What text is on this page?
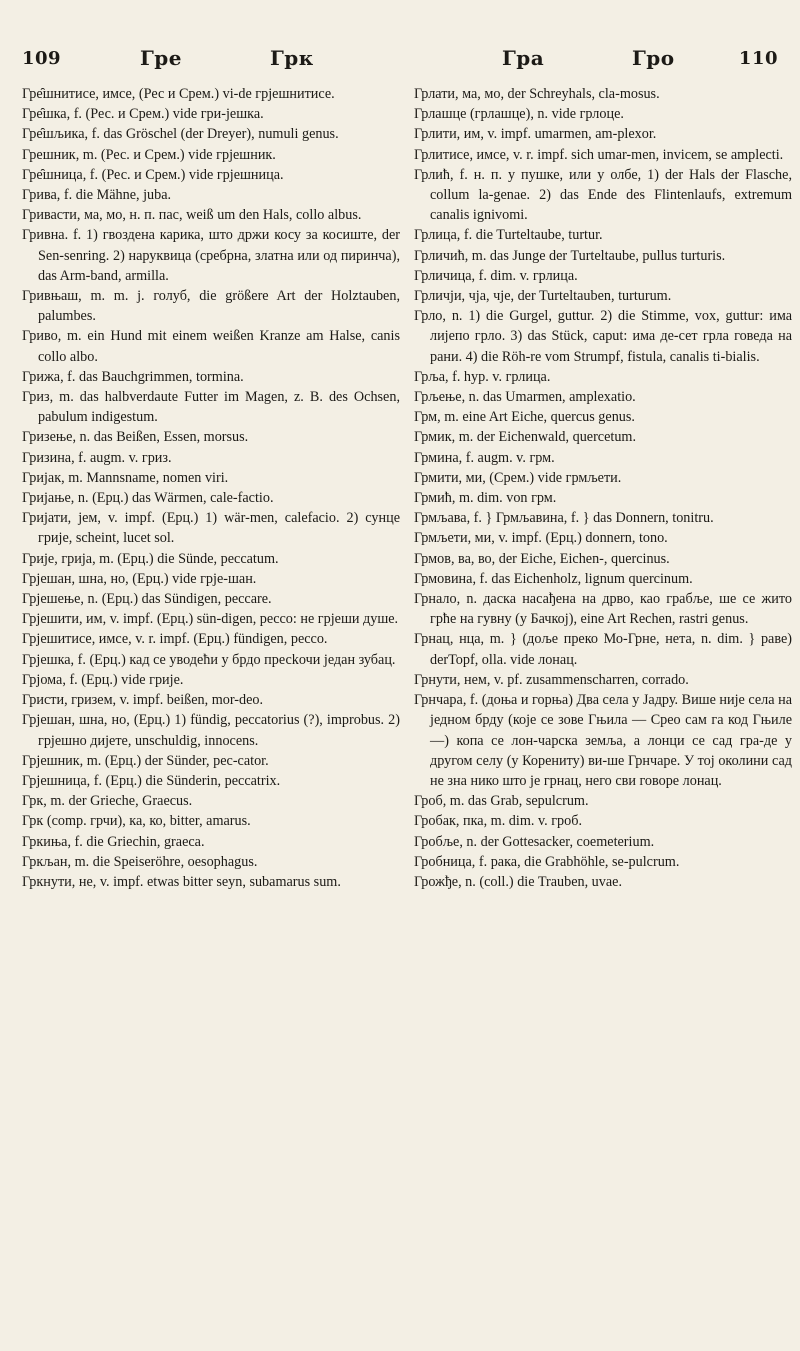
109	Гре	Грк	Гра	Гро	110

Гре̑шнитисе, имсе, (Рес и Срем.) vi-de грјешнитисе.

Гре̑шка, f. (Рес. и Срем.) vide гри-јешка.

Гре̑шљика, f. das Gröschel (der Dreyer), numuli genus.

Грешник, m. (Рес. и Срем.) vide грјешник.

Гре̑шница, f. (Рес. и Срем.) vide грјешница.

Грива, f. die Mähne, juba.

Гривасти, ма, мо, н. п. пас, weiß um den Hals, collo albus.

Гривна. f. 1) гвоздена карика, што држи косу за косиште, der Sen-senring. 2) наруквица (сребрна, златна или од пиринча), das Arm-band, armilla.

Гривњаш, m. m. j. голуб, die größere Art der Holztauben, palumbes.

Гриво, m. ein Hund mit einem weißen Kranze am Halse, canis collo albo.

Грижа, f. das Bauchgrimmen, tormina.

Гриз, m. das halbverdaute Futter im Magen, z. B. des Ochsen, pabulum indigestum.

Гризење, n. das Beißen, Essen, morsus.

Гризина, f. augm. v. гриз.

Гријак, m. Mannsname, nomen viri.

Гријање, n. (Ерц.) das Wärmen, cale-factio.

Гријати, јем, v. impf. (Ерц.) 1) wär-men, calefacio. 2) сунце грије, scheint, lucet sol.

Гриje, грија, m. (Ерц.) die Sünde, peccatum.

Грјешан, шна, но, (Ерц.) vide грје-шан.

Грјешење, n. (Ерц.) das Sündigen, peccare.

Грјешити, им, v. impf. (Ерц.) sün-digen, pecco: не грјеши душе.

Грјешитисе, имсе, v. r. impf. (Ерц.) fündigen, pecco.

Грјешка, f. (Ерц.) кад се уводећи у брдо пресkочи један зубац.

Грјома, f. (Ерц.) vide гриje.

Гристи, гризем, v. impf. beißen, mor-deo.

Грјешан, шна, но, (Ерц.) 1) fündig, peccatorius (?), improbus. 2) грјешно дијете, unschuldig, innocens.

Грјешник, m. (Ерц.) der Sünder, pec-cator.

Грјешница, f. (Ерц.) die Sünderin, peccatrix.

Грк, m. der Grieche, Graecus.

Грк (comp. грчи), ка, ко, bitter, amarus.

Гркиња, f. die Griechin, graeca.

Гркљан, m. die Speiseröhre, oesophagus.

Гркнути, не, v. impf. etwas bitter seyn, subamarus sum.

Грлати, ма, мо, der Schreyhals, cla-mosus.

Грлашце (грлашце), n. vide грлоце.

Грлити, им, v. impf. umarmen, am-plexor.

Грлитисе, имсе, v. r. impf. sich umar-men, invicem, se amplecti.

Грлић, f. н. п. у пушке, или у олбе, 1) der Hals der Flasche, collum la-genae. 2) das Ende des Flintenlaufs, extremum canalis ignivomi.

Грлица, f. die Turteltaube, turtur.

Грличић, m. das Junge der Turteltaube, pullus turturis.

Грличица, f. dim. v. грлица.

Грличји, чја, чје, der Turteltauben, turturum.

Грло, n. 1) die Gurgel, guttur. 2) die Stimme, vox, guttur: има лијепо грло. 3) das Stück, caput: има де-сет грла говеда на рани. 4) die Röh-re vom Strumpf, fistula, canalis ti-bialis.

Грља, f. hyp. v. грлица.

Грљење, n. das Umarmen, amplexatio.

Грм, m. eine Art Eiche, quercus genus.

Грмик, m. der Eichenwald, quercetum.

Грмина, f. augm. v. грм.

Грмити, ми, (Срем.) vide грмљети.

Грмић, m. dim. von грм.

Грмљава, f. } Грмљавина, f. } das Donnern, tonitru.

Грмљети, ми, v. impf. (Ерц.) donnern, tono.

Грмов, ва, во, der Eiche, Eichen-, quercinus.

Грмовина, f. das Eichenholz, lignum quercinum.

Грнало, n. даска насађена на дрво, као грабље, ше се жито грће на гувну (у Бачкој), eine Art Rechen, rastri genus.

Грнац, нца, m. } (доље преко Мо-Грне, нета, n. dim. } раве) derTopf, olla. vide лонац.

Грнути, нем, v. pf. zusammenscharren, corrado.

Грнчара, f. (доња и горња) Два села у Јадру. Више није села на једном брду (које се зове Гњила — Срео сам га код Гњиле —) копа се лон-чарска земља, а лонци се сад гра-де у другом селу (у Корениту) ви-ше Грнчаре. У тој околини сад не зна нико што је грнац, него сви говоре лонац.

Гроб, m. das Grab, sepulcrum.

Гробак, пка, m. dim. v. гроб.

Гробље, n. der Gottesacker, coemeterium.

Гробница, f. рака, die Grabhöhle, se-pulcrum.

Грожђе, n. (coll.) die Trauben, uvae.
